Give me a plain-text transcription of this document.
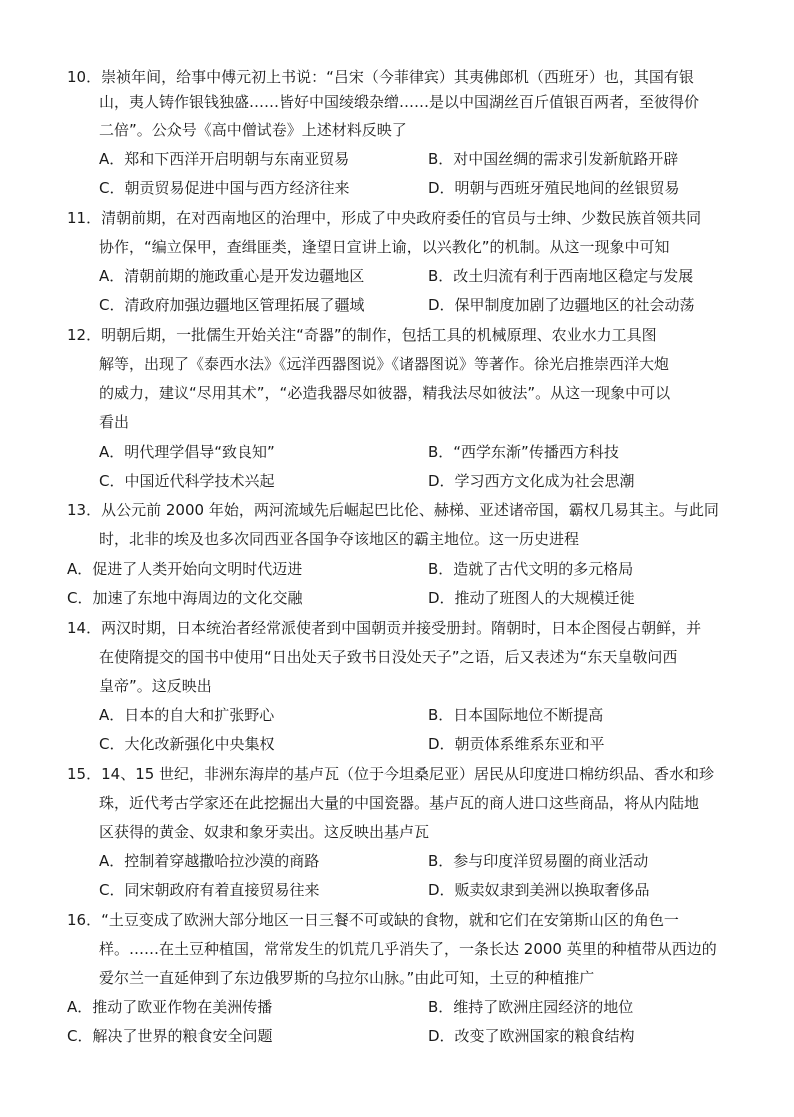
10．崇祯年间，给事中傅元初上书说：“吕宋（今菲律宾）其夷佛郎机（西班牙）也，其国有银
山，夷人铸作银钱独盛……皆好中国绫缎杂缯……是以中国湖丝百斤值银百两者，至彼得价
二倍”。公众号《高中僧试卷》上述材料反映了
A．郑和下西洋开启明朝与东南亚贸易	B．对中国丝绸的需求引发新航路开辟
C．朝贡贸易促进中国与西方经济往来	D．明朝与西班牙殖民地间的丝银贸易
11．清朝前期，在对西南地区的治理中，形成了中央政府委任的官员与士绅、少数民族首领共同
协作，“编立保甲，查缉匪类，逢望日宣讲上谕，以兴教化”的机制。从这一现象中可知
A．清朝前期的施政重心是开发边疆地区	B．改土归流有利于西南地区稳定与发展
C．清政府加强边疆地区管理拓展了疆域	D．保甲制度加剧了边疆地区的社会动荡
12．明朝后期，一批儒生开始关注“奇器”的制作，包括工具的机械原理、农业水力工具图
解等，出现了《泰西水法》《远洋西器图说》《诸器图说》等著作。徐光启推崇西洋大炮
的威力，建议“尽用其术”，“必造我器尽如彼器，精我法尽如彼法”。从这一现象中可以
看出
A．明代理学倡导“致良知”	B．“西学东渐”传播西方科技
C．中国近代科学技术兴起	D．学习西方文化成为社会思潮
13．从公元前 2000 年始，两河流域先后崛起巴比伦、赫梯、亚述诸帝国，霸权几易其主。与此同
时，北非的埃及也多次同西亚各国争夺该地区的霸主地位。这一历史进程
A．促进了人类开始向文明时代迈进	B．造就了古代文明的多元格局
C．加速了东地中海周边的文化交融	D．推动了班图人的大规模迁徙
14．两汉时期，日本统治者经常派使者到中国朝贡并接受册封。隋朝时，日本企图侵占朝鲜，并
在使隋提交的国书中使用“日出处天子致书日没处天子”之语，后又表述为“东天皇敬问西
皇帝”。这反映出
A．日本的自大和扩张野心	B．日本国际地位不断提高
C．大化改新强化中央集权	D．朝贡体系维系东亚和平
15．14、15 世纪，非洲东海岸的基卢瓦（位于今坦桑尼亚）居民从印度进口棉纺织品、香水和珍
珠，近代考古学家还在此挖掘出大量的中国瓷器。基卢瓦的商人进口这些商品，将从内陆地
区获得的黄金、奴隶和象牙卖出。这反映出基卢瓦
A．控制着穿越撒哈拉沙漠的商路	B．参与印度洋贸易圈的商业活动
C．同宋朝政府有着直接贸易往来	D．贩卖奴隶到美洲以换取奢侈品
16．“土豆变成了欧洲大部分地区一日三餐不可或缺的食物，就和它们在安第斯山区的角色一
样。……在土豆种植国，常常发生的饥荒几乎消失了，一条长达 2000 英里的种植带从西边的
爱尔兰一直延伸到了东边俄罗斯的乌拉尔山脉。”由此可知，土豆的种植推广
A．推动了欧亚作物在美洲传播	B．维持了欧洲庄园经济的地位
C．解决了世界的粮食安全问题	D．改变了欧洲国家的粮食结构
